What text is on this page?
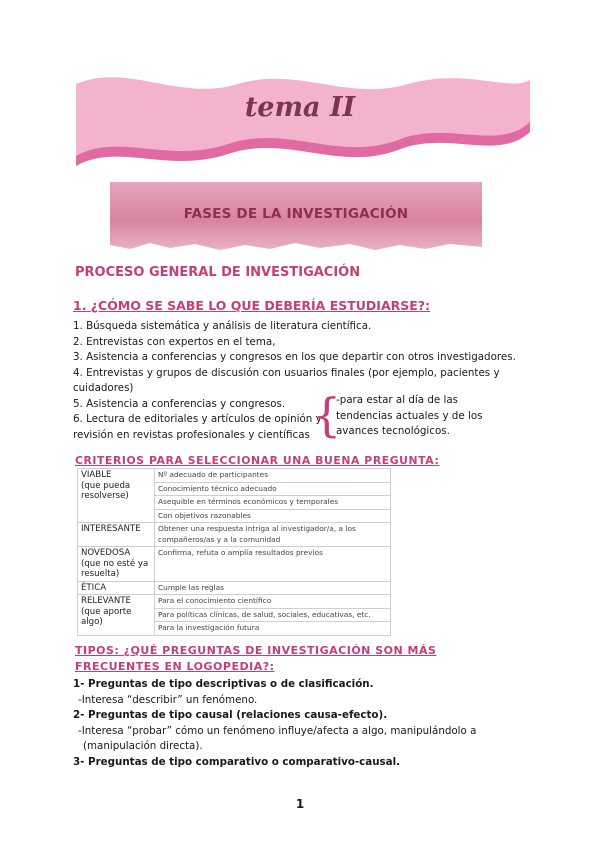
tema II
FASES DE LA INVESTIGACIÓN
PROCESO GENERAL DE INVESTIGACIÓN
1. ¿CÓMO SE SABE LO QUE DEBERÍA ESTUDIARSE?:
1. Búsqueda sistemática y análisis de literatura científica.
2. Entrevistas con expertos en el tema,
3. Asistencia a conferencias y congresos en los que departir con otros investigadores.
4. Entrevistas y grupos de discusión con usuarios finales (por ejemplo, pacientes y
cuidadores)
5. Asistencia a conferencias y congresos.
6. Lectura de editoriales y artículos de opinión y
revisión en revistas profesionales y científicas {
-para estar al día de las
tendencias actuales y de los
avances tecnológicos.
CRITERIOS PARA SELECCIONAR UNA BUENA PREGUNTA:
VIABLE
(que pueda
resolverse)	Nº adecuado de participantes
	Conocimiento técnico adecuado
	Asequible en términos económicos y temporales
	Con objetivos razonables
INTERESANTE	Obtener una respuesta intriga al investigador/a, a los compañeros/as y a la comunidad
NOVEDOSA
(que no esté ya
resuelta)	Confirma, refuta o amplía resultados previos
ÉTICA	Cumple las reglas
RELEVANTE
(que aporte
algo)	Para el conocimiento científico
	Para políticas clínicas, de salud, sociales, educativas, etc.
	Para la investigación futura
TIPOS: ¿QUÉ PREGUNTAS DE INVESTIGACIÓN SON MÁS FRECUENTES EN LOGOPEDIA?:
1- Preguntas de tipo descriptivas o de clasificación.
-Interesa “describir” un fenómeno.
2- Preguntas de tipo causal (relaciones causa-efecto).
-Interesa “probar” cómo un fenómeno influye/afecta a algo, manipulándolo a
(manipulación directa).
3- Preguntas de tipo comparativo o comparativo-causal.
1
